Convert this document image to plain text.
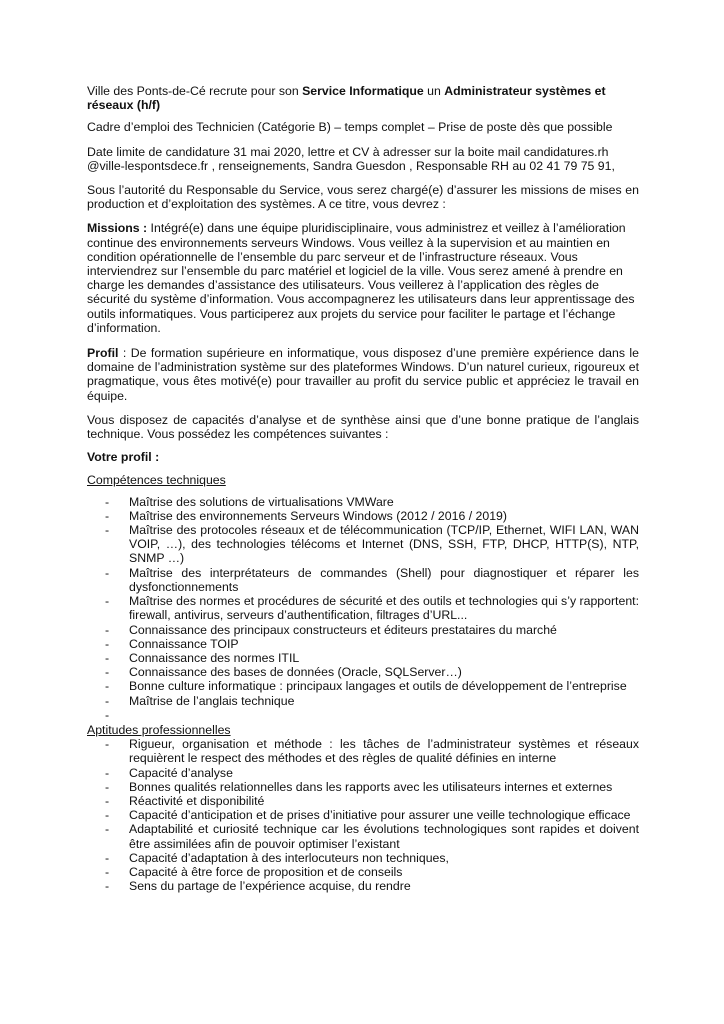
Ville des Ponts-de-Cé recrute pour son Service Informatique un Administrateur systèmes et réseaux (h/f)

Cadre d’emploi des Technicien (Catégorie B) – temps complet – Prise de poste dès que possible

Date limite de candidature 31 mai 2020, lettre et CV à adresser sur la boite mail candidatures.rh @ville-lespontsdece.fr , renseignements, Sandra Guesdon , Responsable RH au 02 41 79 75 91,

Sous l’autorité du Responsable du Service, vous serez chargé(e) d’assurer les missions de mises en production et d’exploitation des systèmes. A ce titre, vous devrez :

Missions : Intégré(e) dans une équipe pluridisciplinaire, vous administrez et veillez à l’amélioration continue des environnements serveurs Windows. Vous veillez à la supervision et au maintien en condition opérationnelle de l’ensemble du parc serveur et de l’infrastructure réseaux. Vous interviendrez sur l’ensemble du parc matériel et logiciel de la ville. Vous serez amené à prendre en charge les demandes d’assistance des utilisateurs. Vous veillerez à l’application des règles de sécurité du système d’information. Vous accompagnerez les utilisateurs dans leur apprentissage des outils informatiques. Vous participerez aux projets du service pour faciliter le partage et l’échange d’information.

Profil : De formation supérieure en informatique, vous disposez d’une première expérience dans le domaine de l’administration système sur des plateformes Windows. D’un naturel curieux, rigoureux et pragmatique, vous êtes motivé(e) pour travailler au profit du service public et appréciez le travail en équipe.

Vous disposez de capacités d’analyse et de synthèse ainsi que d’une bonne pratique de l’anglais technique. Vous possédez les compétences suivantes :

Votre profil :

Compétences techniques

- Maîtrise des solutions de virtualisations VMWare
- Maîtrise des environnements Serveurs Windows (2012 / 2016 / 2019)
- Maîtrise des protocoles réseaux et de télécommunication (TCP/IP, Ethernet, WIFI LAN, WAN VOIP, …), des technologies télécoms et Internet (DNS, SSH, FTP, DHCP, HTTP(S), NTP, SNMP …)
- Maîtrise des interprétateurs de commandes (Shell) pour diagnostiquer et réparer les dysfonctionnements
- Maîtrise des normes et procédures de sécurité et des outils et technologies qui s’y rapportent: firewall, antivirus, serveurs d’authentification, filtrages d’URL...
- Connaissance des principaux constructeurs et éditeurs prestataires du marché
- Connaissance TOIP
- Connaissance des normes ITIL
- Connaissance des bases de données (Oracle, SQLServer…)
- Bonne culture informatique : principaux langages et outils de développement de l’entreprise
- Maîtrise de l’anglais technique
-

Aptitudes professionnelles

- Rigueur, organisation et méthode : les tâches de l’administrateur systèmes et réseaux requièrent le respect des méthodes et des règles de qualité définies en interne
- Capacité d’analyse
- Bonnes qualités relationnelles dans les rapports avec les utilisateurs internes et externes
- Réactivité et disponibilité
- Capacité d’anticipation et de prises d’initiative pour assurer une veille technologique efficace
- Adaptabilité et curiosité technique car les évolutions technologiques sont rapides et doivent être assimilées afin de pouvoir optimiser l’existant
- Capacité d’adaptation à des interlocuteurs non techniques,
- Capacité à être force de proposition et de conseils
- Sens du partage de l’expérience acquise, du rendre
